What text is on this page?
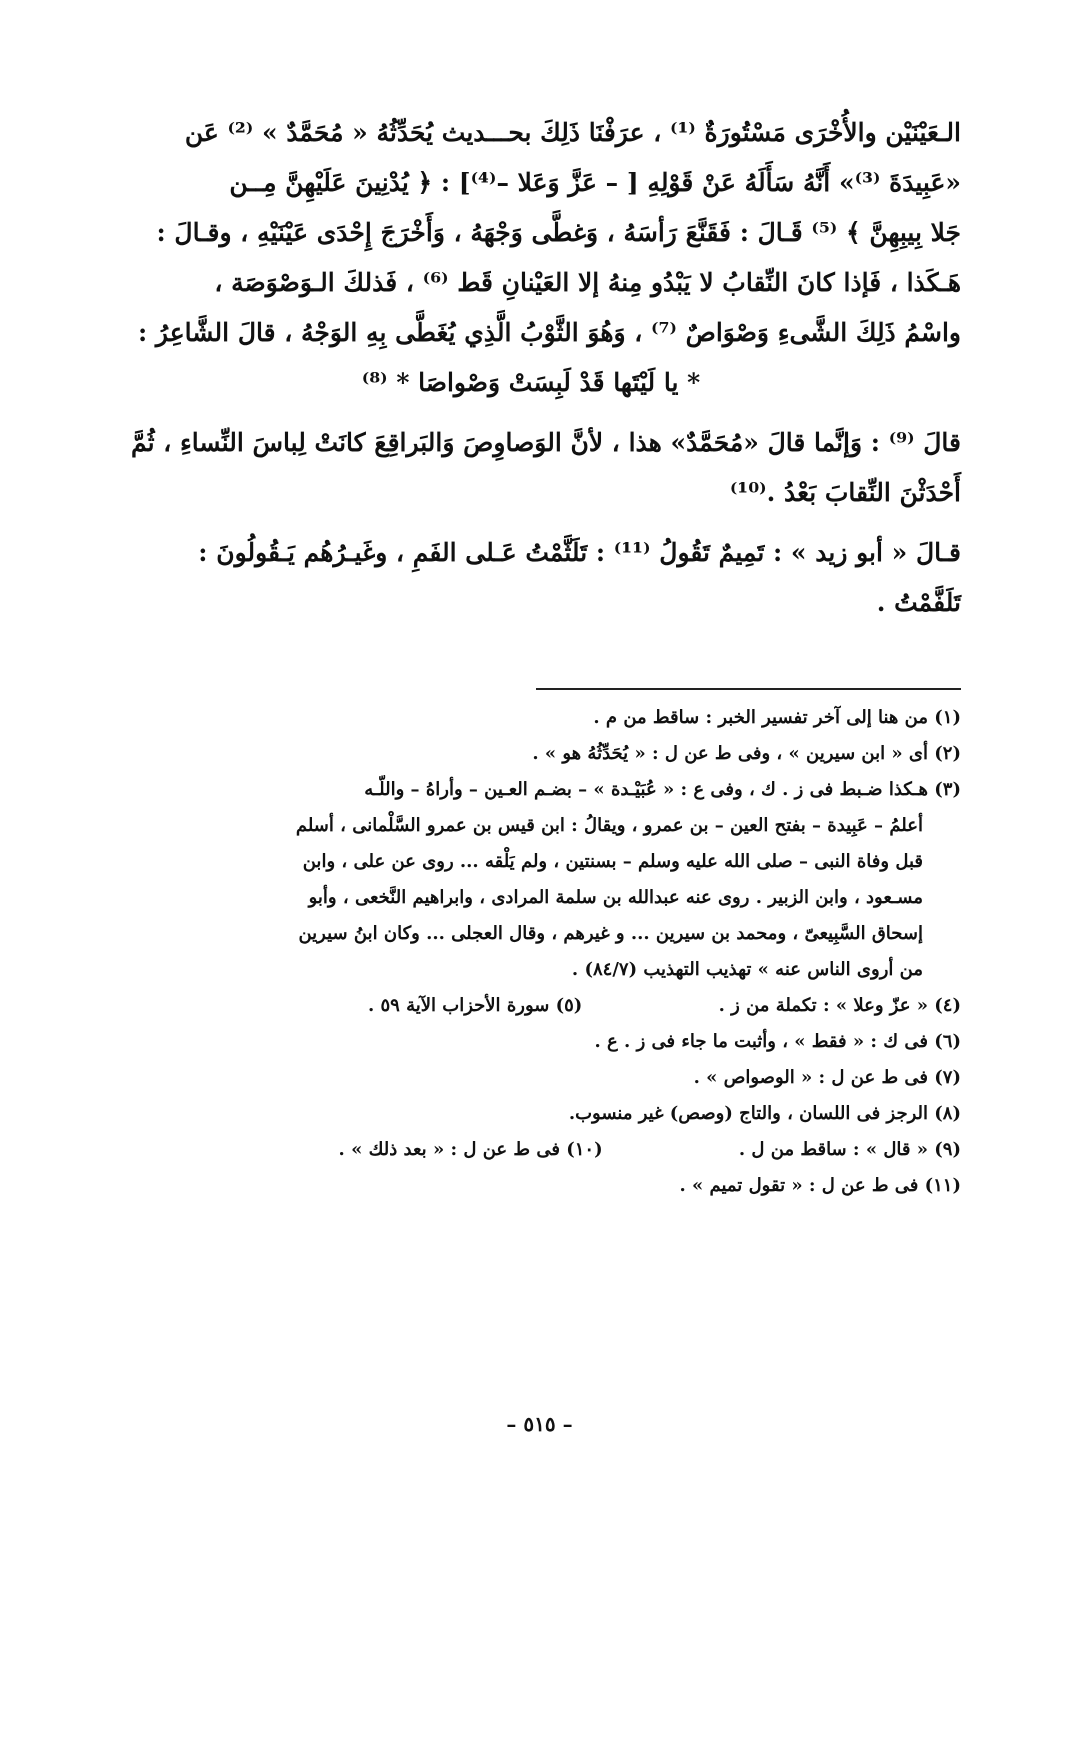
الـعَيْنَيْن والأُخْرَى مَسْتُورَةٌ ⁽¹⁾ ، عرَفْنَا ذَلِكَ بحـــديث يُحَدِّثُهُ « مُحَمَّدٌ » ⁽²⁾ عَن
«عَبِيدَةَ ⁽³⁾» أَنَّهُ سَأَلَهُ عَنْ قَوْلِهِ [ – عَزَّ وَعَلا –⁽⁴⁾] : ﴿ يُدْنِينَ عَلَيْهِنَّ مِــن
جَلا بِيبِهِنَّ ﴾ ⁽⁵⁾ قَـالَ : فَقَنَّعَ رَأسَهُ ، وَغطَّى وَجْهَهُ ، وَأَخْرَجَ إِحْدَى عَيْنَيْهِ ، وقـالَ :
هَـكَذا ، فَإذا كانَ النِّقابُ لا يَبْدُو مِنهُ إلا العَيْنانِ قَط ⁽⁶⁾ ، فَذلكَ الـوَصْوَصَة ،
واسْمُ ذَلِكَ الشَّىءِ وَصْوَاصٌ ⁽⁷⁾ ، وَهُوَ الثَّوْبُ الَّذِي يُغَطَّى بِهِ الوَجْهُ ، قالَ الشَّاعِرُ :
* يا لَيْتَها قَدْ لَبِسَتْ وَصْواصَا * ⁽⁸⁾
قالَ ⁽⁹⁾ : وَإنَّما قالَ «مُحَمَّدٌ» هذا ، لأنَّ الوَصاوِصَ وَالبَراقِعَ كانَتْ لِباسَ النِّساءِ ، ثُمَّ
أَحْدَثْنَ النِّقابَ بَعْدُ .⁽¹⁰⁾
قـالَ « أبو زيد » : تَمِيمٌ تَقُولُ ⁽¹¹⁾ : تَلَثَّمْتُ عَـلى الفَمِ ، وغَيـرُهُم يَـقُولُونَ :
تَلَفَّمْتُ .
(١) من هنا إلى آخر تفسير الخبر : ساقط من م .
(٢) أى « ابن سيرين » ، وفى ط عن ل : « يُحَدِّثُهُ هو » .
(٣) هـكذا ضـبط فى ز . ك ، وفى ع : « عُبَيْـدة » – بضـم العـين – وأراهُ – واللّـه
أعلمُ – عَبِيدة – بفتح العين – بن عمرو ، ويقالُ : ابن قيس بن عمرو السَّلْمانى ، أسلم
قبل وفاة النبى – صلى الله عليه وسلم – بسنتين ، ولم يَلْقه ... روى عن على ، وابن
مسـعود ، وابن الزبير . روى عنه عبدالله بن سلمة المرادى ، وابراهيم النَّخعى ، وأبو
إسحاق السَّبِيعىّ ، ومحمد بن سيرين ... و غيرهم ، وقال العجلى ... وكان ابنُ سيرين
من أروى الناس عنه » تهذيب التهذيب (٨٤/٧) .
(٤) « عزّ وعلا » : تكملة من ز . (٥) سورة الأحزاب الآية ٥٩ .
(٦) فى ك : « فقط » ، وأثبت ما جاء فى ز . ع .
(٧) فى ط عن ل : « الوصواص » .
(٨) الرجز فى اللسان ، والتاج (وصص) غير منسوب.
(٩) « قال » : ساقط من ل . (١٠) فى ط عن ل : « بعد ذلك » .
(١١) فى ط عن ل : « تقول تميم » .
– ٥١٥ –
